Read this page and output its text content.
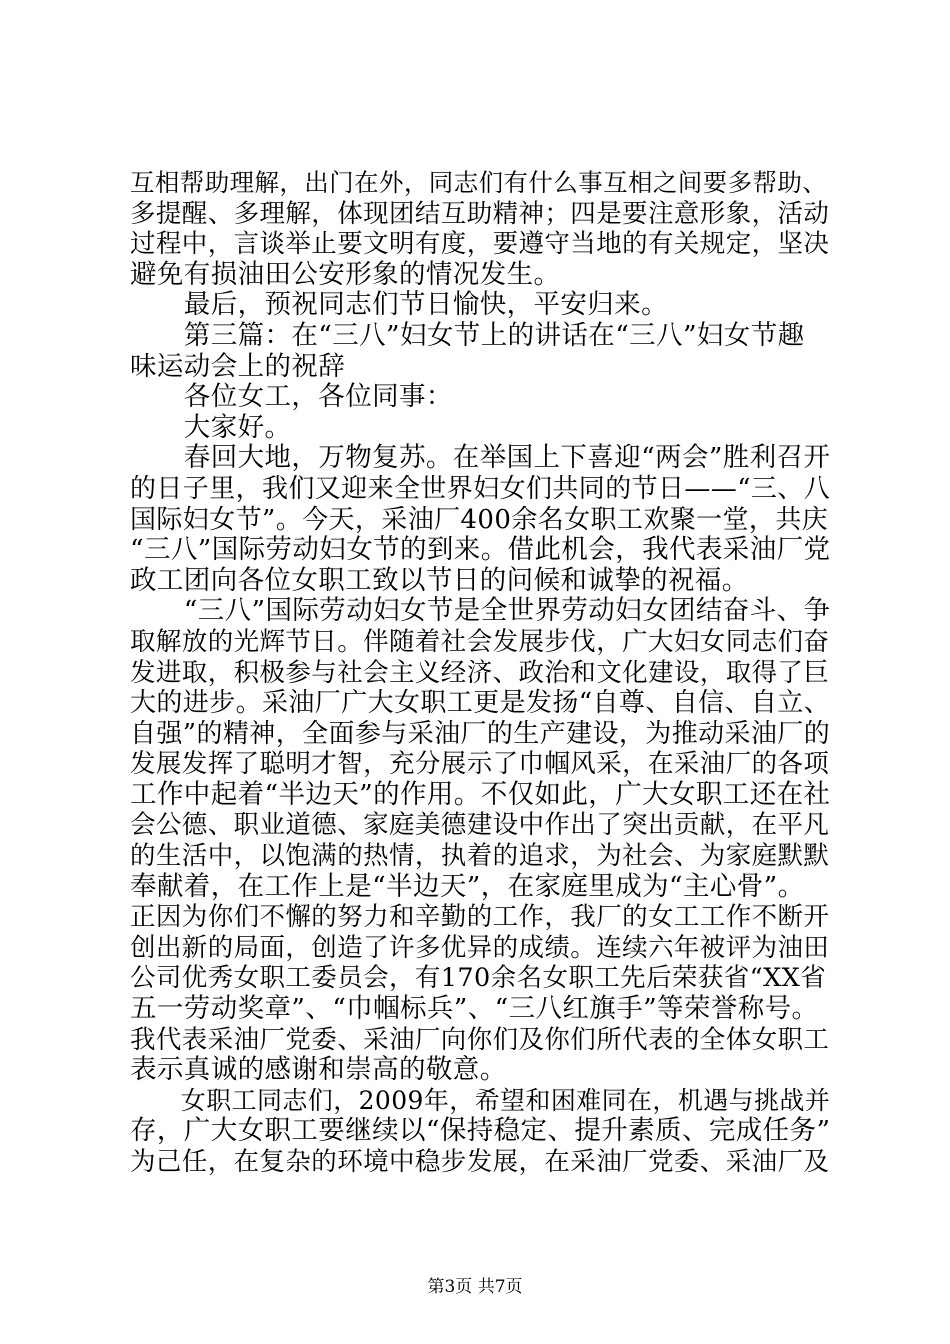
互相帮助理解，出门在外，同志们有什么事互相之间要多帮助、
多提醒、多理解，体现团结互助精神；四是要注意形象，活动
过程中，言谈举止要文明有度，要遵守当地的有关规定，坚决
避免有损油田公安形象的情况发生。
　　最后，预祝同志们节日愉快，平安归来。
　　第三篇：在“三八”妇女节上的讲话在“三八”妇女节趣
味运动会上的祝辞
　　各位女工，各位同事：
　　大家好。
　　春回大地，万物复苏。在举国上下喜迎“两会”胜利召开
的日子里，我们又迎来全世界妇女们共同的节日——“三、八
国际妇女节”。今天，采油厂400余名女职工欢聚一堂，共庆
“三八”国际劳动妇女节的到来。借此机会，我代表采油厂党
政工团向各位女职工致以节日的问候和诚挚的祝福。
　　“三八”国际劳动妇女节是全世界劳动妇女团结奋斗、争
取解放的光辉节日。伴随着社会发展步伐，广大妇女同志们奋
发进取，积极参与社会主义经济、政治和文化建设，取得了巨
大的进步。采油厂广大女职工更是发扬“自尊、自信、自立、
自强”的精神，全面参与采油厂的生产建设，为推动采油厂的
发展发挥了聪明才智，充分展示了巾帼风采，在采油厂的各项
工作中起着“半边天”的作用。不仅如此，广大女职工还在社
会公德、职业道德、家庭美德建设中作出了突出贡献，在平凡
的生活中，以饱满的热情，执着的追求，为社会、为家庭默默
奉献着，在工作上是“半边天”，在家庭里成为“主心骨”。
正因为你们不懈的努力和辛勤的工作，我厂的女工工作不断开
创出新的局面，创造了许多优异的成绩。连续六年被评为油田
公司优秀女职工委员会，有170余名女职工先后荣获省“XX省
五一劳动奖章”、“巾帼标兵”、“三八红旗手”等荣誉称号。
我代表采油厂党委、采油厂向你们及你们所代表的全体女职工
表示真诚的感谢和崇高的敬意。
　　女职工同志们，2009年，希望和困难同在，机遇与挑战并
存，广大女职工要继续以“保持稳定、提升素质、完成任务”
为己任，在复杂的环境中稳步发展，在采油厂党委、采油厂及
第3页 共7页
